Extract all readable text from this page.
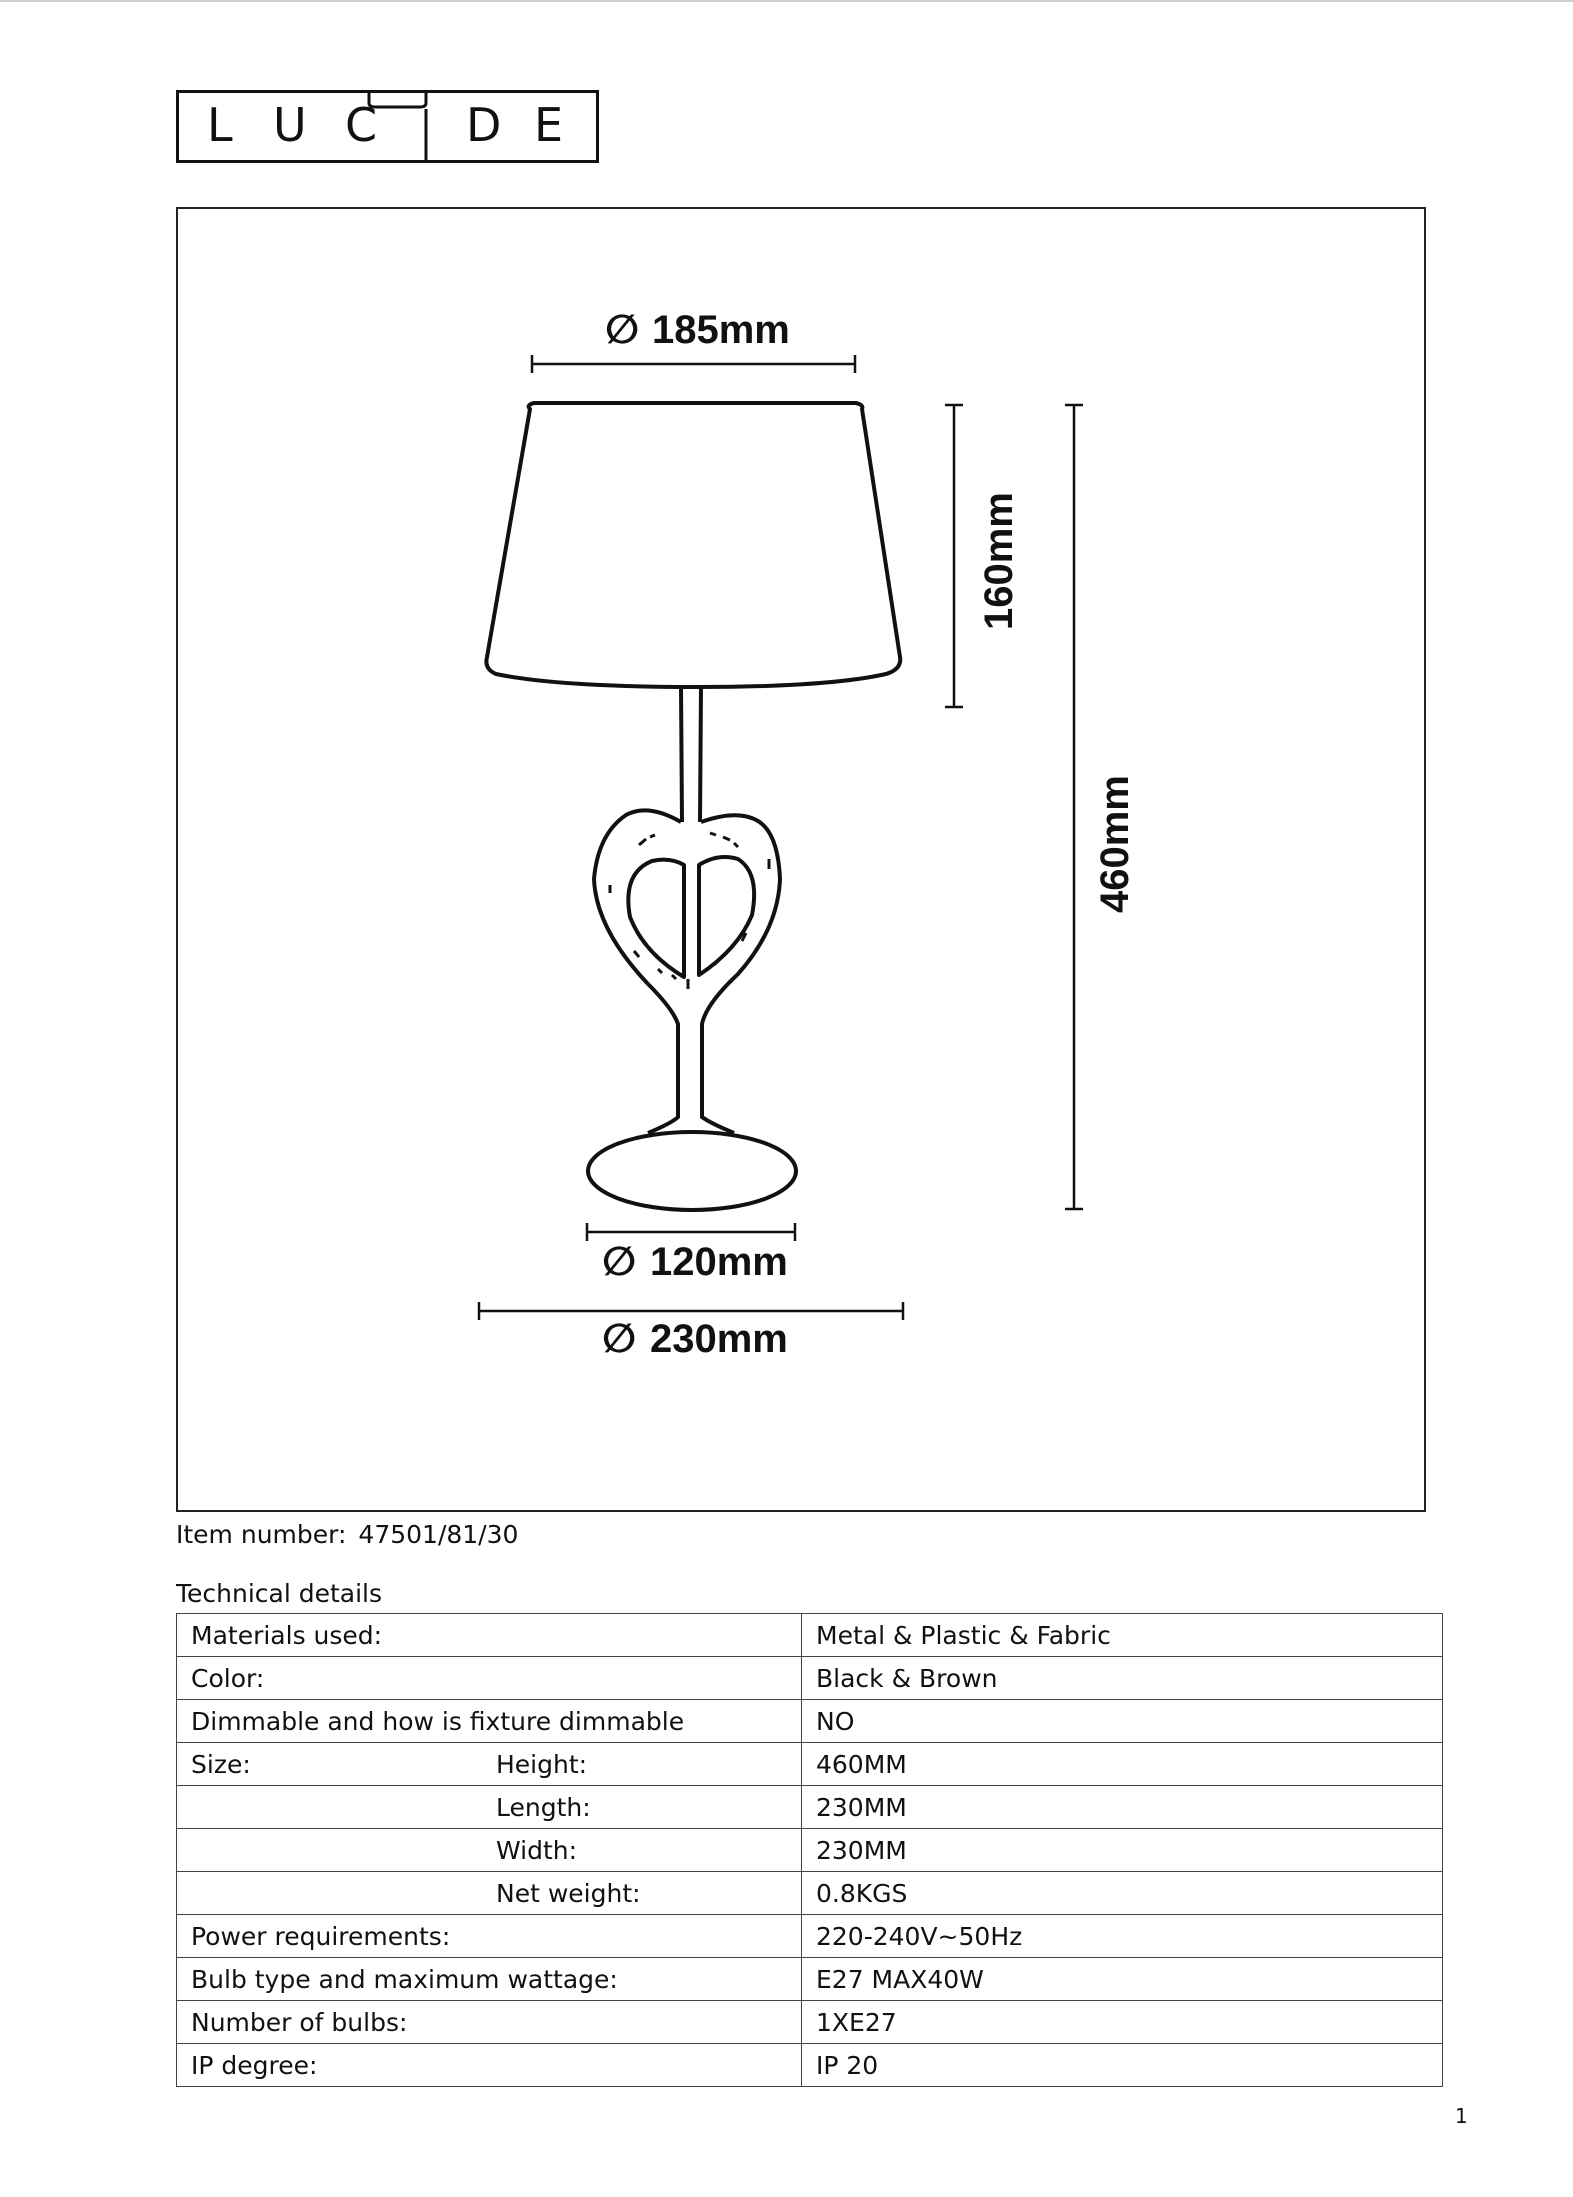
L U C D E
∅ 185mm
160mm
460mm
∅ 120mm
∅ 230mm
Item number: 47501/81/30
Technical details
Materials used:	Metal & Plastic & Fabric
Color:	Black & Brown
Dimmable and how is fixture dimmable	NO
Size: Height:	460MM
Length:	230MM
Width:	230MM
Net weight:	0.8KGS
Power requirements:	220-240V~50Hz
Bulb type and maximum wattage:	E27 MAX40W
Number of bulbs:	1XE27
IP degree:	IP 20
1
